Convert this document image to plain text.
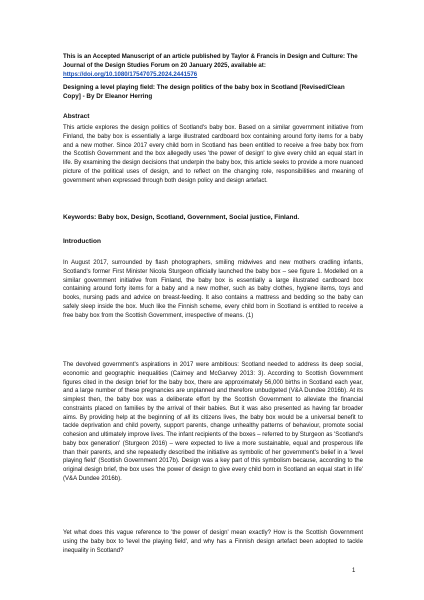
This is an Accepted Manuscript of an article published by Taylor & Francis in Design and Culture: The Journal of the Design Studies Forum on 20 January 2025, available at: https://doi.org/10.1080/17547075.2024.2441576
Designing a level playing field: The design politics of the baby box in Scotland [Revised/Clean Copy] - By Dr Eleanor Herring
Abstract

This article explores the design politics of Scotland's baby box. Based on a similar government initiative from Finland, the baby box is essentially a large illustrated cardboard box containing around forty items for a baby and a new mother. Since 2017 every child born in Scotland has been entitled to receive a free baby box from the Scottish Government and the box allegedly uses 'the power of design' to give every child an equal start in life. By examining the design decisions that underpin the baby box, this article seeks to provide a more nuanced picture of the political uses of design, and to reflect on the changing role, responsibilities and meaning of government when expressed through both design policy and design artefact.

Keywords: Baby box, Design, Scotland, Government, Social justice, Finland.
Introduction

In August 2017, surrounded by flash photographers, smiling midwives and new mothers cradling infants, Scotland's former First Minister Nicola Sturgeon officially launched the baby box – see figure 1. Modelled on a similar government initiative from Finland, the baby box is essentially a large illustrated cardboard box containing around forty items for a baby and a new mother, such as baby clothes, hygiene items, toys and books, nursing pads and advice on breast-feeding. It also contains a mattress and bedding so the baby can safely sleep inside the box. Much like the Finnish scheme, every child born in Scotland is entitled to receive a free baby box from the Scottish Government, irrespective of means. (1)

The devolved government's aspirations in 2017 were ambitious: Scotland needed to address its deep social, economic and geographic inequalities (Cairney and McGarvey 2013: 3). According to Scottish Government figures cited in the design brief for the baby box, there are approximately 56,000 births in Scotland each year, and a large number of these pregnancies are unplanned and therefore unbudgeted (V&A Dundee 2016b). At its simplest then, the baby box was a deliberate effort by the Scottish Government to alleviate the financial constraints placed on families by the arrival of their babies. But it was also presented as having far broader aims. By providing help at the beginning of all its citizens lives, the baby box would be a universal benefit to tackle deprivation and child poverty, support parents, change unhealthy patterns of behaviour, promote social cohesion and ultimately improve lives. The infant recipients of the boxes – referred to by Sturgeon as 'Scotland's baby box generation' (Sturgeon 2016) – were expected to live a more sustainable, equal and prosperous life than their parents, and she repeatedly described the initiative as symbolic of her government's belief in a 'level playing field' (Scottish Government 2017b). Design was a key part of this symbolism because, according to the original design brief, the box uses 'the power of design to give every child born in Scotland an equal start in life' (V&A Dundee 2016b).

Yet what does this vague reference to 'the power of design' mean exactly? How is the Scottish Government using the baby box to 'level the playing field', and why has a Finnish design artefact been adopted to tackle inequality in Scotland?

1
